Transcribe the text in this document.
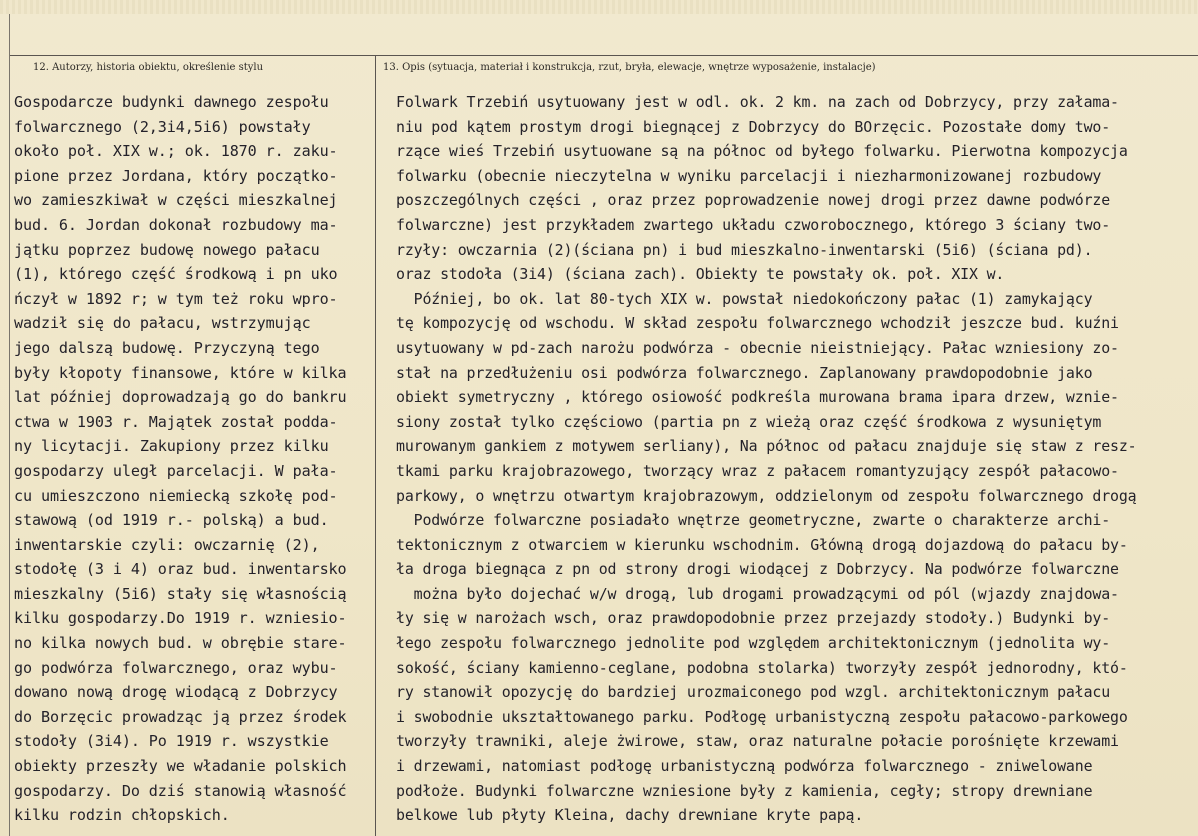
12. Autorzy, historia obiektu, określenie stylu	13. Opis (sytuacja, materiał i konstrukcja, rzut, bryła, elewacje, wnętrze wyposażenie, instalacje)
Gospodarcze budynki dawnego zespołu
folwarcznego (2,3i4,5i6) powstały
około poł. XIX w.; ok. 1870 r. zaku-
pione przez Jordana, który początko-
wo zamieszkiwał w części mieszkalnej
bud. 6. Jordan dokonał rozbudowy ma-
jątku poprzez budowę nowego pałacu
(1), którego część środkową i pn uko
ńczył w 1892 r; w tym też roku wpro-
wadził się do pałacu, wstrzymując
jego dalszą budowę. Przyczyną tego
były kłopoty finansowe, które w kilka
lat później doprowadzają go do bankru
ctwa w 1903 r. Majątek został podda-
ny licytacji. Zakupiony przez kilku
gospodarzy uległ parcelacji. W pała-
cu umieszczono niemiecką szkołę pod-
stawową (od 1919 r.- polską) a bud.
inwentarskie czyli: owczarnię (2),
stodołę (3 i 4) oraz bud. inwentarsko
mieszkalny (5i6) stały się własnością
kilku gospodarzy.Do 1919 r. wzniesio-
no kilka nowych bud. w obrębie stare-
go podwórza folwarcznego, oraz wybu-
dowano nową drogę wiodącą z Dobrzycy
do Borzęcic prowadząc ją przez środek
stodoły (3i4). Po 1919 r. wszystkie
obiekty przeszły we władanie polskich
gospodarzy. Do dziś stanowią własność
kilku rodzin chłopskich.
Folwark Trzebiń usytuowany jest w odl. ok. 2 km. na zach od Dobrzycy, przy załama-
niu pod kątem prostym drogi biegnącej z Dobrzycy do BOrzęcic. Pozostałe domy two-
rzące wieś Trzebiń usytuowane są na północ od byłego folwarku. Pierwotna kompozycja
folwarku (obecnie nieczytelna w wyniku parcelacji i niezharmonizowanej rozbudowy
poszczególnych części , oraz przez poprowadzenie nowej drogi przez dawne podwórze
folwarczne) jest przykładem zwartego układu czworobocznego, którego 3 ściany two-
rzyły: owczarnia (2)(ściana pn) i bud mieszkalno-inwentarski (5i6) (ściana pd).
oraz stodoła (3i4) (ściana zach). Obiekty te powstały ok. poł. XIX w.
Później, bo ok. lat 80-tych XIX w. powstał niedokończony pałac (1) zamykający
tę kompozycję od wschodu. W skład zespołu folwarcznego wchodził jeszcze bud. kuźni
usytuowany w pd-zach narożu podwórza - obecnie nieistniejący. Pałac wzniesiony zo-
stał na przedłużeniu osi podwórza folwarcznego. Zaplanowany prawdopodobnie jako
obiekt symetryczny , którego osiowość podkreśla murowana brama ipara drzew, wznie-
siony został tylko częściowo (partia pn z wieżą oraz część środkowa z wysuniętym
murowanym gankiem z motywem serliany), Na północ od pałacu znajduje się staw z resz-
tkami parku krajobrazowego, tworzący wraz z pałacem romantyzujący zespół pałacowo-
parkowy, o wnętrzu otwartym krajobrazowym, oddzielonym od zespołu folwarcznego drogą
Podwórze folwarczne posiadało wnętrze geometryczne, zwarte o charakterze archi-
tektonicznym z otwarciem w kierunku wschodnim. Główną drogą dojazdową do pałacu by-
ła droga biegnąca z pn od strony drogi wiodącej z Dobrzycy. Na podwórze folwarczne
można było dojechać w/w drogą, lub drogami prowadzącymi od pól (wjazdy znajdowa-
ły się w narożach wsch, oraz prawdopodobnie przez przejazdy stodoły.) Budynki by-
łego zespołu folwarcznego jednolite pod względem architektonicznym (jednolita wy-
sokość, ściany kamienno-ceglane, podobna stolarka) tworzyły zespół jednorodny, któ-
ry stanowił opozycję do bardziej urozmaiconego pod wzgl. architektonicznym pałacu
i swobodnie ukształtowanego parku. Podłogę urbanistyczną zespołu pałacowo-parkowego
tworzyły trawniki, aleje żwirowe, staw, oraz naturalne połacie porośnięte krzewami
i drzewami, natomiast podłogę urbanistyczną podwórza folwarcznego - zniwelowane
podłoże. Budynki folwarczne wzniesione były z kamienia, cegły; stropy drewniane
belkowe lub płyty Kleina, dachy drewniane kryte papą.
